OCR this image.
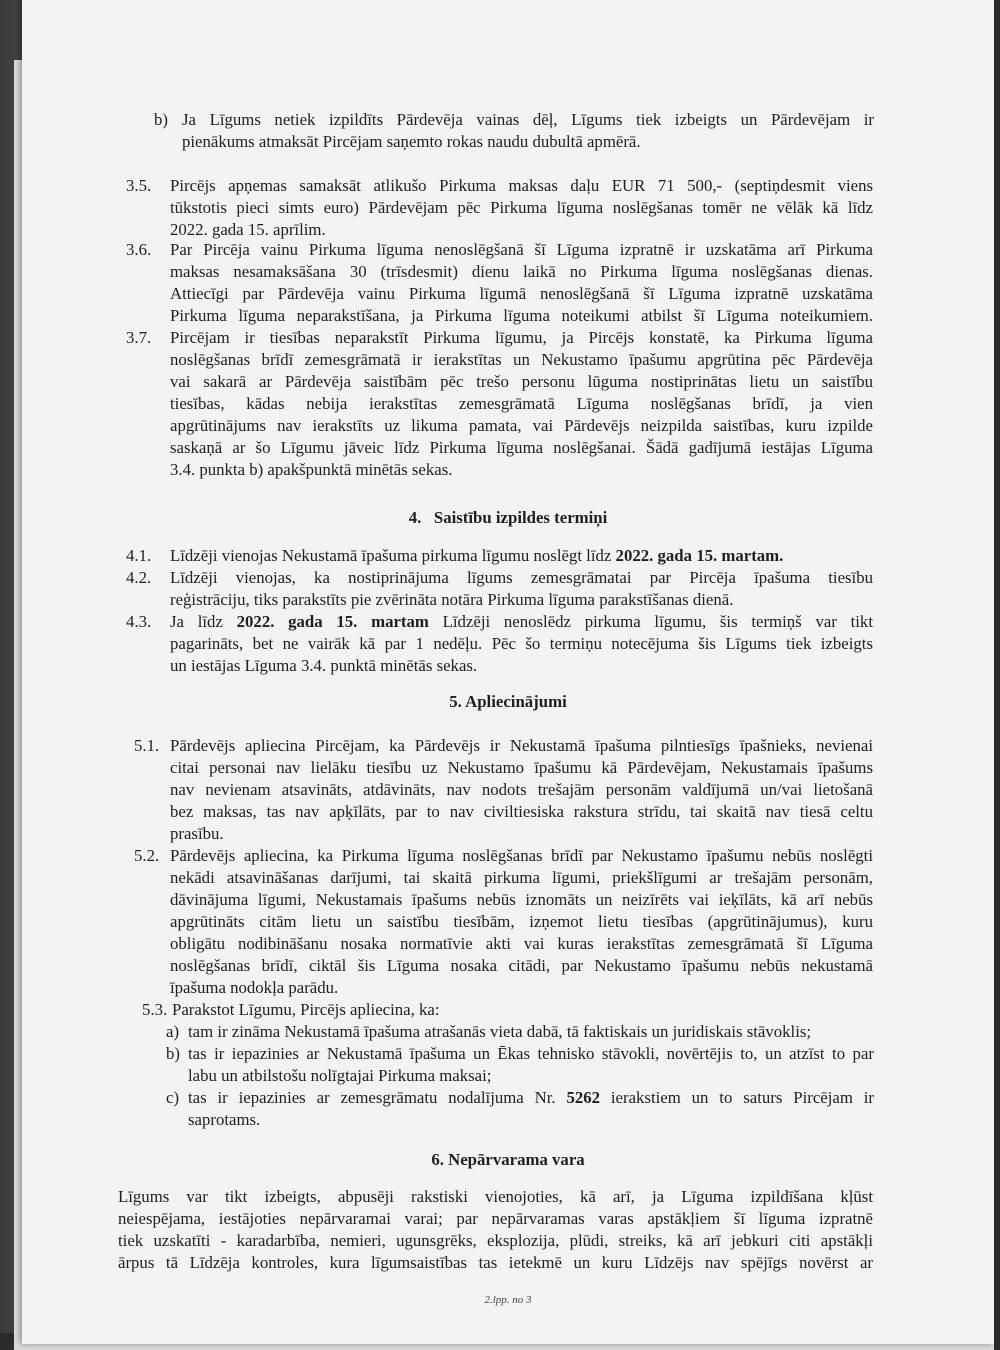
b) Ja Līgums netiek izpildīts Pārdevēja vainas dēļ, Līgums tiek izbeigts un Pārdevējam ir
pienākums atmaksāt Pircējam saņemto rokas naudu dubultā apmērā.
3.5. Pircējs apņemas samaksāt atlikušo Pirkuma maksas daļu EUR 71 500,- (septiņdesmit viens
tūkstotis pieci simts euro) Pārdevējam pēc Pirkuma līguma noslēgšanas tomēr ne vēlāk kā līdz
2022. gada 15. aprīlim.
3.6. Par Pircēja vainu Pirkuma līguma nenoslēgšanā šī Līguma izpratnē ir uzskatāma arī Pirkuma
maksas nesamaksāšana 30 (trīsdesmit) dienu laikā no Pirkuma līguma noslēgšanas dienas.
Attiecīgi par Pārdevēja vainu Pirkuma līgumā nenoslēgšanā šī Līguma izpratnē uzskatāma
Pirkuma līguma neparakstīšana, ja Pirkuma līguma noteikumi atbilst šī Līguma noteikumiem.
3.7. Pircējam ir tiesības neparakstīt Pirkuma līgumu, ja Pircējs konstatē, ka Pirkuma līguma
noslēgšanas brīdī zemesgrāmatā ir ierakstītas un Nekustamo īpašumu apgrūtina pēc Pārdevēja
vai sakarā ar Pārdevēja saistībām pēc trešo personu lūguma nostiprinātas lietu un saistību
tiesības, kādas nebija ierakstītas zemesgrāmatā Līguma noslēgšanas brīdī, ja vien
apgrūtinājums nav ierakstīts uz likuma pamata, vai Pārdevējs neizpilda saistības, kuru izpilde
saskaņā ar šo Līgumu jāveic līdz Pirkuma līguma noslēgšanai. Šādā gadījumā iestājas Līguma
3.4. punkta b) apakšpunktā minētās sekas.
4.   Saistību izpildes termiņi
4.1. Līdzēji vienojas Nekustamā īpašuma pirkuma līgumu noslēgt līdz 2022. gada 15. martam.
4.2. Līdzēji vienojas, ka nostiprinājuma līgums zemesgrāmatai par Pircēja īpašuma tiesību
reģistrāciju, tiks parakstīts pie zvērināta notāra Pirkuma līguma parakstīšanas dienā.
4.3. Ja līdz 2022. gada 15. martam Līdzēji nenoslēdz pirkuma līgumu, šis termiņš var tikt
pagarināts, bet ne vairāk kā par 1 nedēļu. Pēc šo termiņu notecējuma šis Līgums tiek izbeigts
un iestājas Līguma 3.4. punktā minētās sekas.
5. Apliecinājumi
5.1. Pārdevējs apliecina Pircējam, ka Pārdevējs ir Nekustamā īpašuma pilntiesīgs īpašnieks, nevienai
citai personai nav lielāku tiesību uz Nekustamo īpašumu kā Pārdevējam, Nekustamais īpašums
nav nevienam atsavināts, atdāvināts, nav nodots trešajām personām valdījumā un/vai lietošanā
bez maksas, tas nav apķīlāts, par to nav civiltiesiska rakstura strīdu, tai skaitā nav tiesā celtu
prasību.
5.2. Pārdevējs apliecina, ka Pirkuma līguma noslēgšanas brīdī par Nekustamo īpašumu nebūs noslēgti
nekādi atsavināšanas darījumi, tai skaitā pirkuma līgumi, priekšlīgumi ar trešajām personām,
dāvinājuma līgumi, Nekustamais īpašums nebūs iznomāts un neizīrēts vai ieķīlāts, kā arī nebūs
apgrūtināts citām lietu un saistību tiesībām, izņemot lietu tiesības (apgrūtinājumus), kuru
obligātu nodibināšanu nosaka normatīvie akti vai kuras ierakstītas zemesgrāmatā šī Līguma
noslēgšanas brīdī, ciktāl šis Līguma nosaka citādi, par Nekustamo īpašumu nebūs nekustamā
īpašuma nodokļa parādu.
5.3. Parakstot Līgumu, Pircējs apliecina, ka:
a) tam ir zināma Nekustamā īpašuma atrašanās vieta dabā, tā faktiskais un juridiskais stāvoklis;
b) tas ir iepazinies ar Nekustamā īpašuma un Ēkas tehnisko stāvokli, novērtējis to, un atzīst to par
labu un atbilstošu nolīgtajai Pirkuma maksai;
c) tas ir iepazinies ar zemesgrāmatu nodalījuma Nr. 5262 ierakstiem un to saturs Pircējam ir
saprotams.
6. Nepārvarama vara
Līgums var tikt izbeigts, abpusēji rakstiski vienojoties, kā arī, ja Līguma izpildīšana kļūst
neiespējama, iestājoties nepārvaramai varai; par nepārvaramas varas apstākļiem šī līguma izpratnē
tiek uzskatīti - karadarbība, nemieri, ugunsgrēks, eksplozija, plūdi, streiks, kā arī jebkuri citi apstākļi
ārpus tā Līdzēja kontroles, kura līgumsaistības tas ietekmē un kuru Līdzējs nav spējīgs novērst ar
2.lpp. no 3
